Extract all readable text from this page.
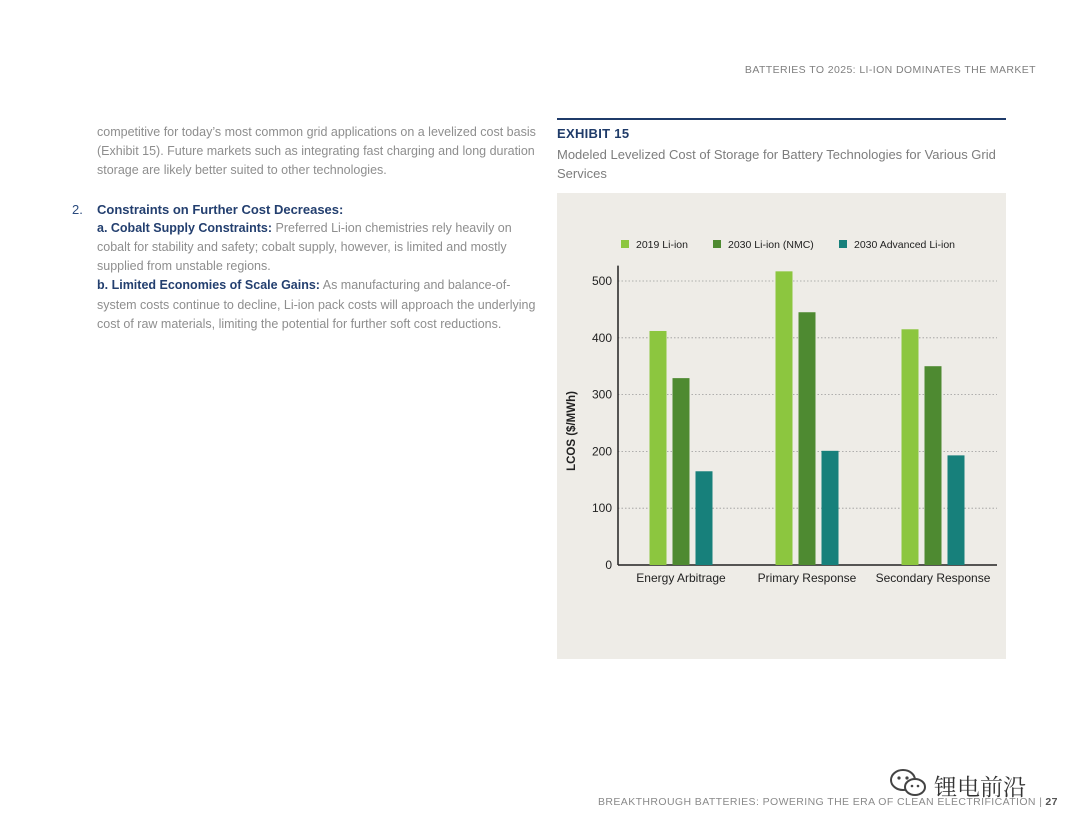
BATTERIES TO 2025: LI-ION DOMINATES THE MARKET

competitive for today’s most common grid applications on a levelized cost basis (Exhibit 15). Future markets such as integrating fast charging and long duration storage are likely better suited to other technologies.

2. Constraints on Further Cost Decreases:

a. Cobalt Supply Constraints: Preferred Li-ion chemistries rely heavily on cobalt for stability and safety; cobalt supply, however, is limited and mostly supplied from unstable regions.

b. Limited Economies of Scale Gains: As manufacturing and balance-of-system costs continue to decline, Li-ion pack costs will approach the underlying cost of raw materials, limiting the potential for further soft cost reductions.

EXHIBIT 15
Modeled Levelized Cost of Storage for Battery Technologies for Various Grid Services
0
100
200
300
400
500
LCOS ($/MWh)
Energy Arbitrage	Primary Response Secondary Response
2019 Li-ion	2030 Li-ion (NMC)	2030 Advanced Li-ion
BREAKTHROUGH BATTERIES: POWERING THE ERA OF CLEAN ELECTRIFICATION | 27
锂电前沿
